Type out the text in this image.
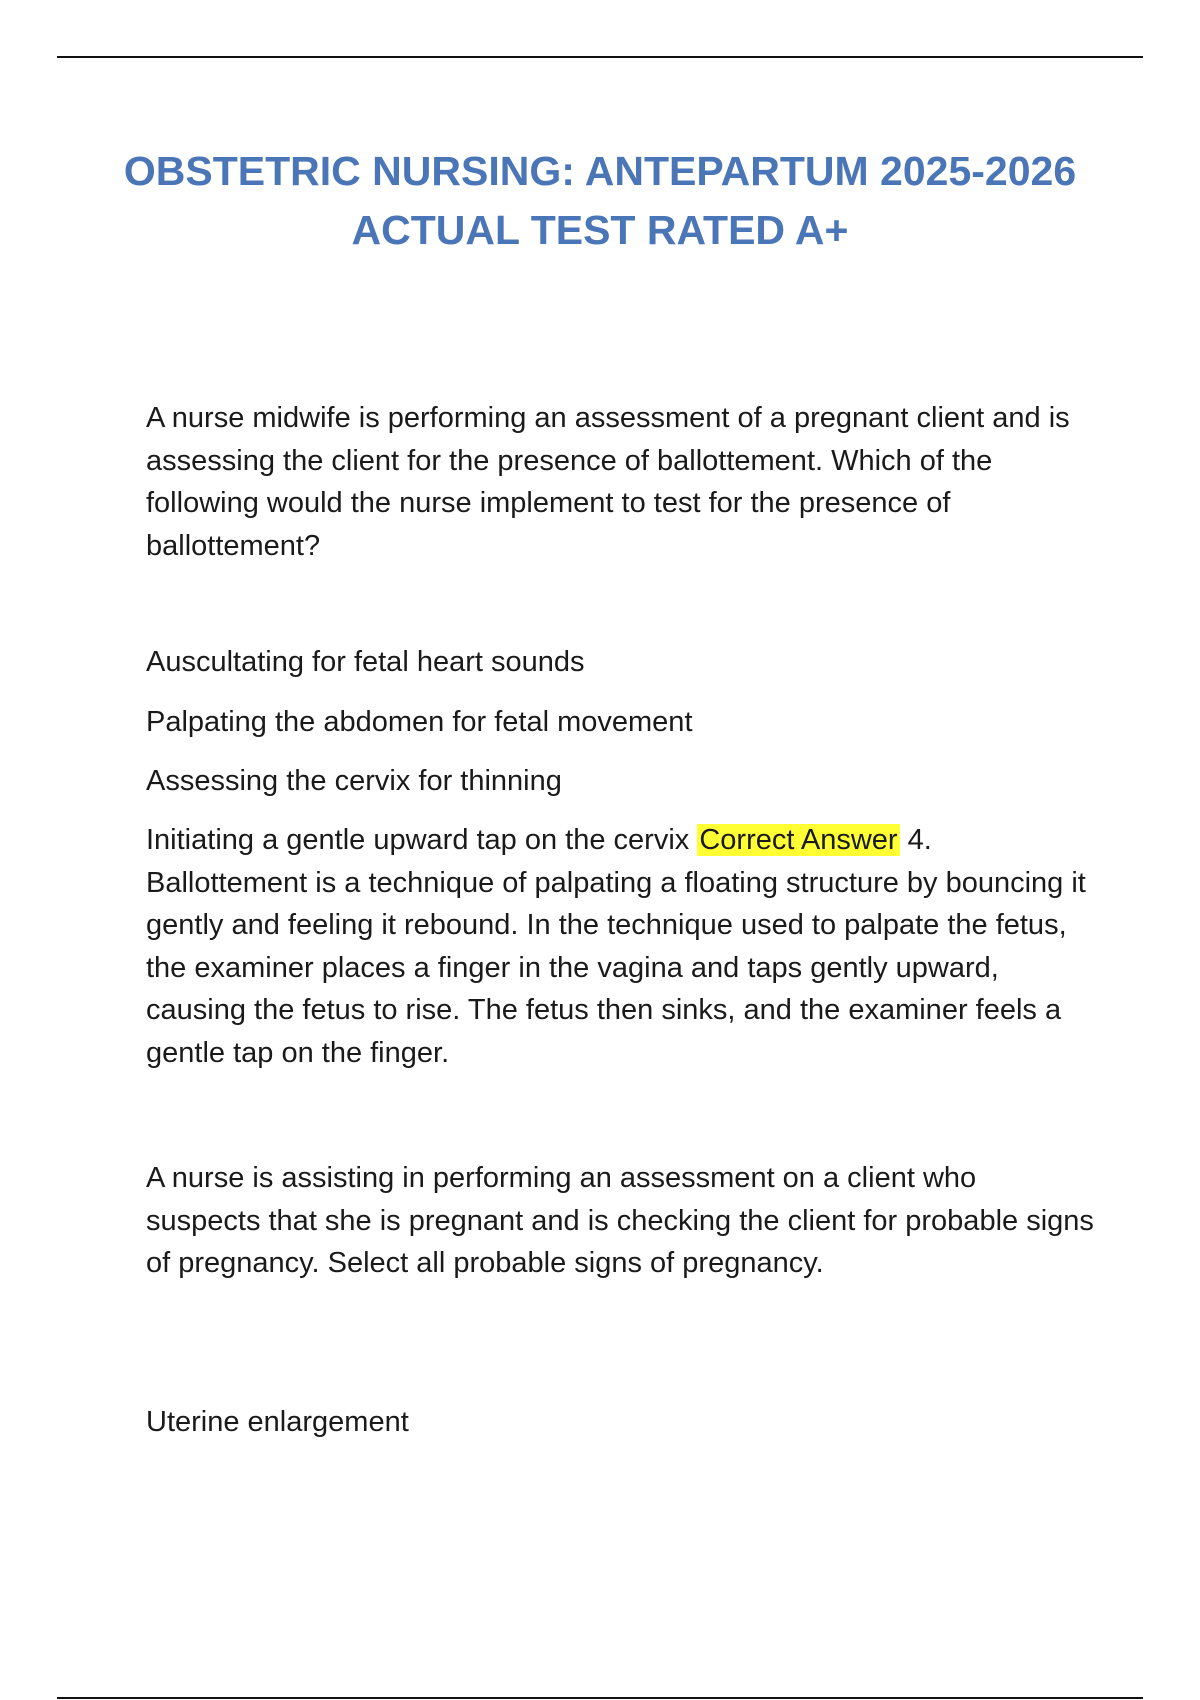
OBSTETRIC NURSING: ANTEPARTUM 2025-2026 ACTUAL TEST RATED A+

A nurse midwife is performing an assessment of a pregnant client and is assessing the client for the presence of ballottement. Which of the following would the nurse implement to test for the presence of ballottement?

Auscultating for fetal heart sounds

Palpating the abdomen for fetal movement

Assessing the cervix for thinning

Initiating a gentle upward tap on the cervix Correct Answer 4. Ballottement is a technique of palpating a floating structure by bouncing it gently and feeling it rebound. In the technique used to palpate the fetus, the examiner places a finger in the vagina and taps gently upward, causing the fetus to rise. The fetus then sinks, and the examiner feels a gentle tap on the finger.

A nurse is assisting in performing an assessment on a client who suspects that she is pregnant and is checking the client for probable signs of pregnancy. Select all probable signs of pregnancy.

Uterine enlargement
